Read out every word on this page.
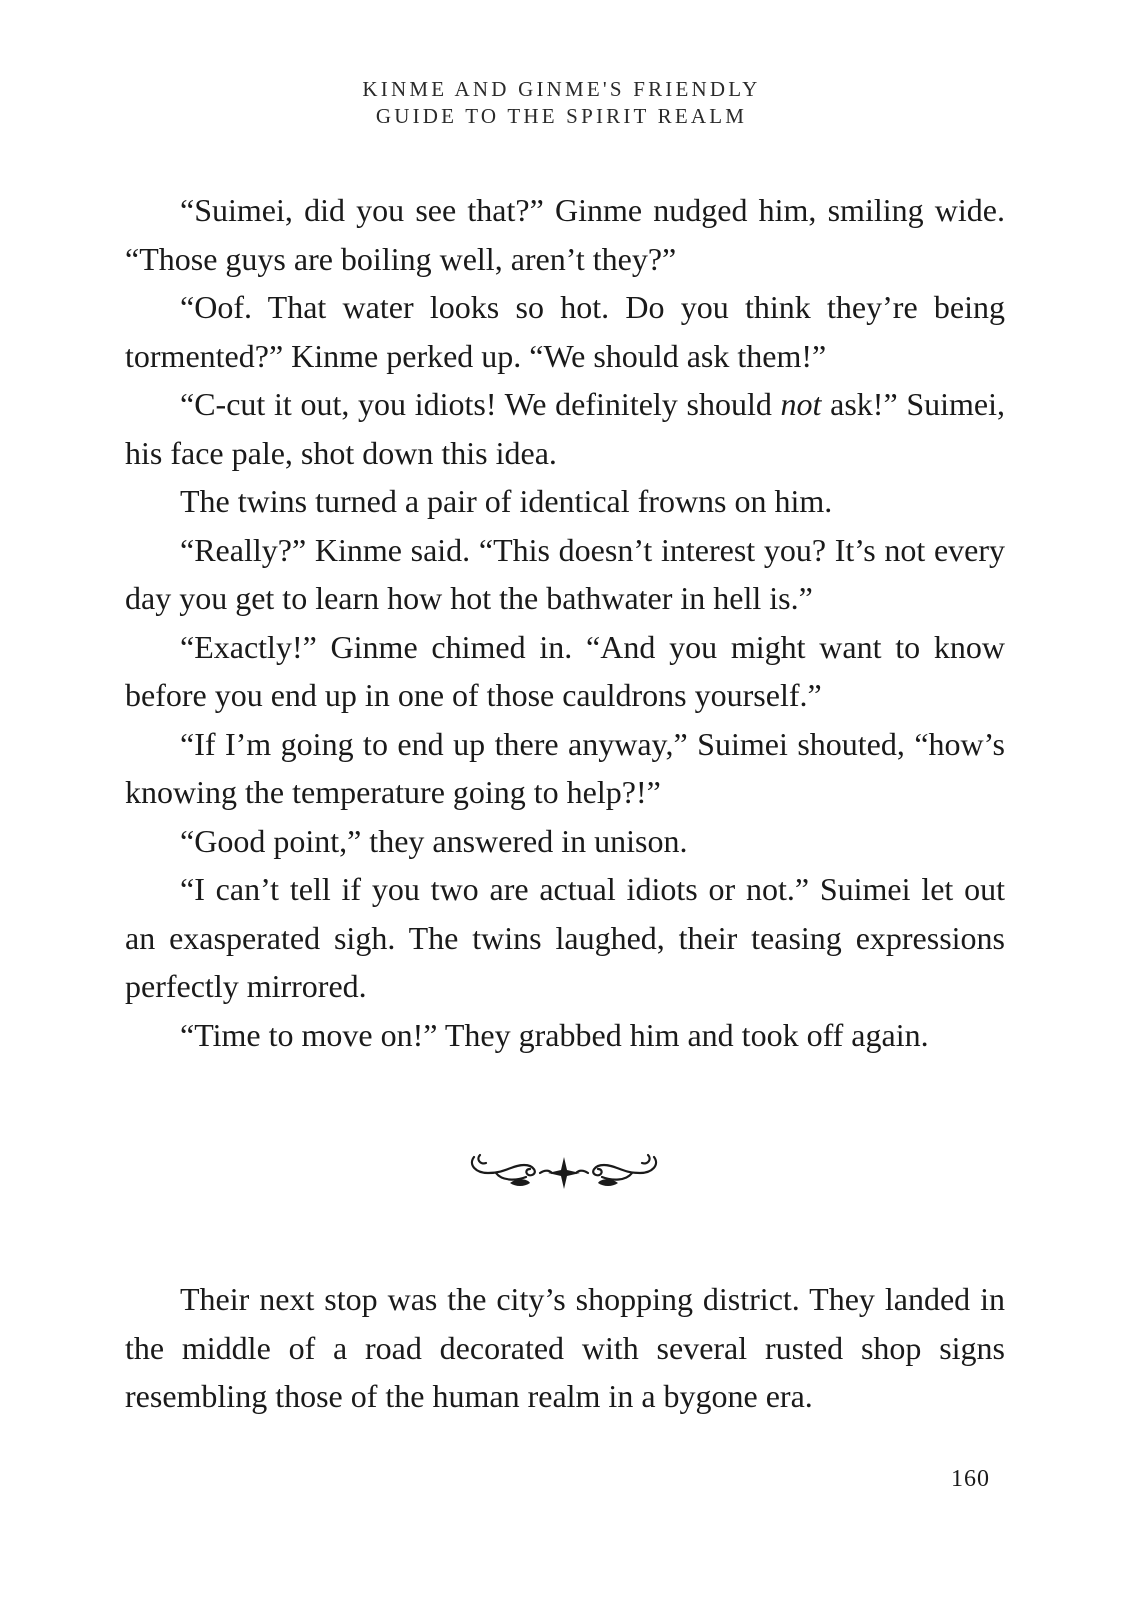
KINME AND GINME'S FRIENDLY
GUIDE TO THE SPIRIT REALM

“Suimei, did you see that?” Ginme nudged him, smiling wide. “Those guys are boiling well, aren’t they?”

“Oof. That water looks so hot. Do you think they’re being tormented?” Kinme perked up. “We should ask them!”

“C-cut it out, you idiots! We definitely should not ask!” Suimei, his face pale, shot down this idea.

The twins turned a pair of identical frowns on him.

“Really?” Kinme said. “This doesn’t interest you? It’s not every day you get to learn how hot the bathwater in hell is.”

“Exactly!” Ginme chimed in. “And you might want to know before you end up in one of those cauldrons yourself.”

“If I’m going to end up there anyway,” Suimei shouted, “how’s knowing the temperature going to help?!”

“Good point,” they answered in unison.

“I can’t tell if you two are actual idiots or not.” Suimei let out an exasperated sigh. The twins laughed, their teasing expressions perfectly mirrored.

“Time to move on!” They grabbed him and took off again.

Their next stop was the city’s shopping district. They landed in the middle of a road decorated with several rusted shop signs resembling those of the human realm in a bygone era.

160
